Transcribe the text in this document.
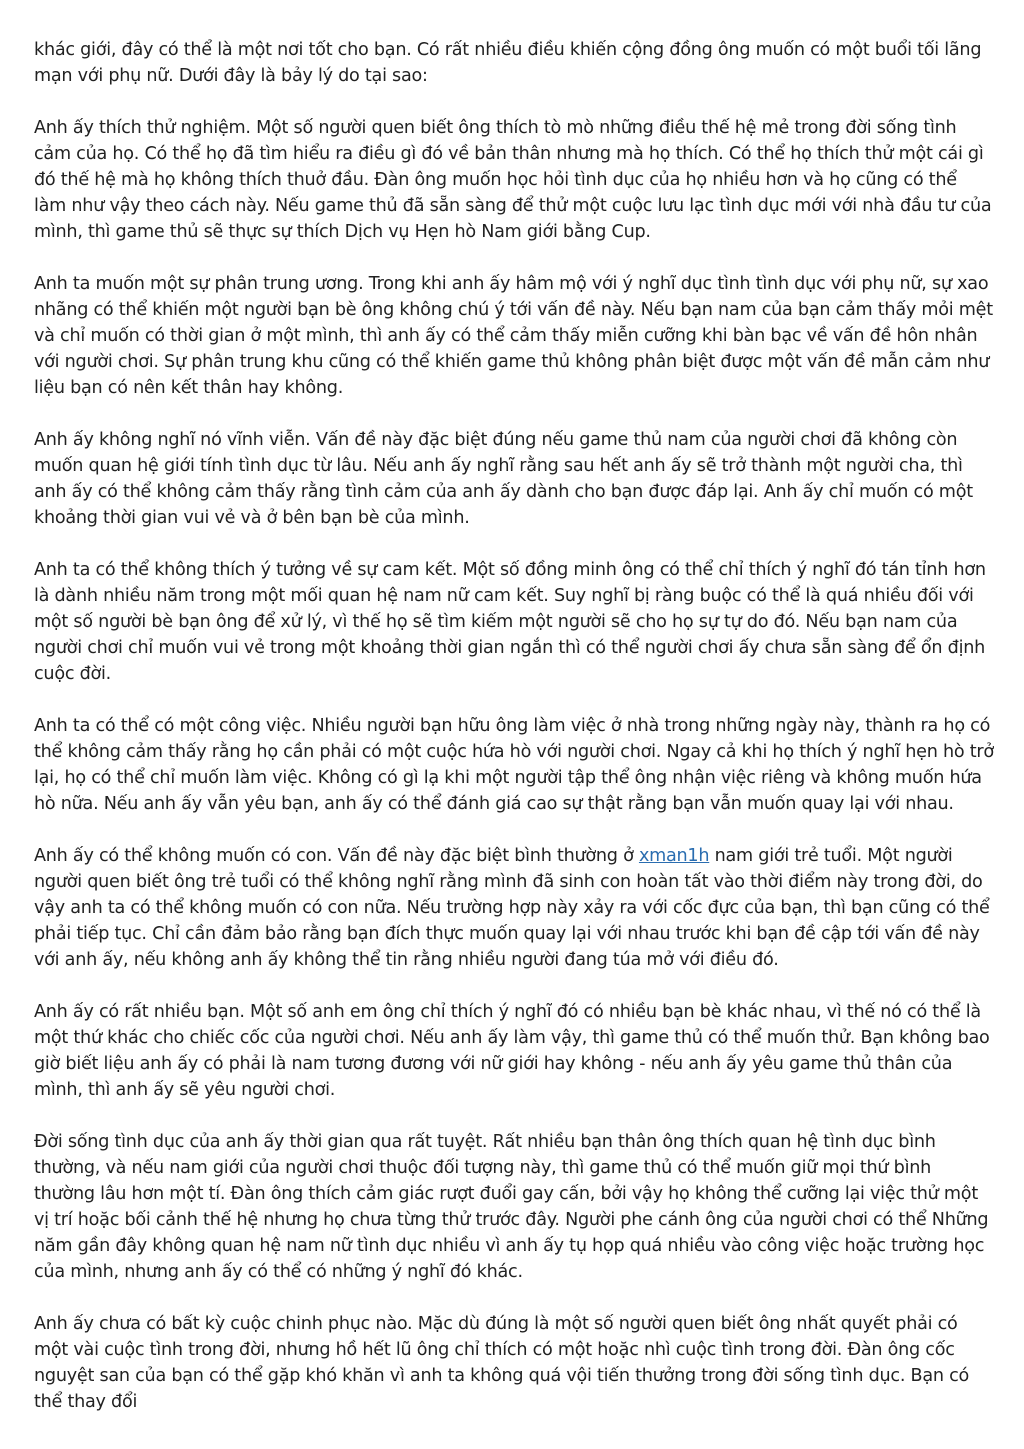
khác giới, đây có thể là một nơi tốt cho bạn. Có rất nhiều điều khiến cộng đồng ông muốn có một buổi tối lãng mạn với phụ nữ. Dưới đây là bảy lý do tại sao:

Anh ấy thích thử nghiệm. Một số người quen biết ông thích tò mò những điều thế hệ mẻ trong đời sống tình cảm của họ. Có thể họ đã tìm hiểu ra điều gì đó về bản thân nhưng mà họ thích. Có thể họ thích thử một cái gì đó thế hệ mà họ không thích thuở đầu. Đàn ông muốn học hỏi tình dục của họ nhiều hơn và họ cũng có thể làm như vậy theo cách này. Nếu game thủ đã sẵn sàng để thử một cuộc lưu lạc tình dục mới với nhà đầu tư của mình, thì game thủ sẽ thực sự thích Dịch vụ Hẹn hò Nam giới bằng Cup.

Anh ta muốn một sự phân trung ương. Trong khi anh ấy hâm mộ với ý nghĩ dục tình tình dục với phụ nữ, sự xao nhãng có thể khiến một người bạn bè ông không chú ý tới vấn đề này. Nếu bạn nam của bạn cảm thấy mỏi mệt và chỉ muốn có thời gian ở một mình, thì anh ấy có thể cảm thấy miễn cưỡng khi bàn bạc về vấn đề hôn nhân với người chơi. Sự phân trung khu cũng có thể khiến game thủ không phân biệt được một vấn đề mẫn cảm như liệu bạn có nên kết thân hay không.

Anh ấy không nghĩ nó vĩnh viễn. Vấn đề này đặc biệt đúng nếu game thủ nam của người chơi đã không còn muốn quan hệ giới tính tình dục từ lâu. Nếu anh ấy nghĩ rằng sau hết anh ấy sẽ trở thành một người cha, thì anh ấy có thể không cảm thấy rằng tình cảm của anh ấy dành cho bạn được đáp lại. Anh ấy chỉ muốn có một khoảng thời gian vui vẻ và ở bên bạn bè của mình.

Anh ta có thể không thích ý tưởng về sự cam kết. Một số đồng minh ông có thể chỉ thích ý nghĩ đó tán tỉnh hơn là dành nhiều năm trong một mối quan hệ nam nữ cam kết. Suy nghĩ bị ràng buộc có thể là quá nhiều đối với một số người bè bạn ông để xử lý, vì thế họ sẽ tìm kiếm một người sẽ cho họ sự tự do đó. Nếu bạn nam của người chơi chỉ muốn vui vẻ trong một khoảng thời gian ngắn thì có thể người chơi ấy chưa sẵn sàng để ổn định cuộc đời.

Anh ta có thể có một công việc. Nhiều người bạn hữu ông làm việc ở nhà trong những ngày này, thành ra họ có thể không cảm thấy rằng họ cần phải có một cuộc hứa hò với người chơi. Ngay cả khi họ thích ý nghĩ hẹn hò trở lại, họ có thể chỉ muốn làm việc. Không có gì lạ khi một người tập thể ông nhận việc riêng và không muốn hứa hò nữa. Nếu anh ấy vẫn yêu bạn, anh ấy có thể đánh giá cao sự thật rằng bạn vẫn muốn quay lại với nhau.

Anh ấy có thể không muốn có con. Vấn đề này đặc biệt bình thường ở xman1h nam giới trẻ tuổi. Một người người quen biết ông trẻ tuổi có thể không nghĩ rằng mình đã sinh con hoàn tất vào thời điểm này trong đời, do vậy anh ta có thể không muốn có con nữa. Nếu trường hợp này xảy ra với cốc đực của bạn, thì bạn cũng có thể phải tiếp tục. Chỉ cần đảm bảo rằng bạn đích thực muốn quay lại với nhau trước khi bạn đề cập tới vấn đề này với anh ấy, nếu không anh ấy không thể tin rằng nhiều người đang túa mở với điều đó.

Anh ấy có rất nhiều bạn. Một số anh em ông chỉ thích ý nghĩ đó có nhiều bạn bè khác nhau, vì thế nó có thể là một thứ khác cho chiếc cốc của người chơi. Nếu anh ấy làm vậy, thì game thủ có thể muốn thử. Bạn không bao giờ biết liệu anh ấy có phải là nam tương đương với nữ giới hay không - nếu anh ấy yêu game thủ thân của mình, thì anh ấy sẽ yêu người chơi.

Đời sống tình dục của anh ấy thời gian qua rất tuyệt. Rất nhiều bạn thân ông thích quan hệ tình dục bình thường, và nếu nam giới của người chơi thuộc đối tượng này, thì game thủ có thể muốn giữ mọi thứ bình thường lâu hơn một tí. Đàn ông thích cảm giác rượt đuổi gay cấn, bởi vậy họ không thể cưỡng lại việc thử một vị trí hoặc bối cảnh thế hệ nhưng họ chưa từng thử trước đây. Người phe cánh ông của người chơi có thể Những năm gần đây không quan hệ nam nữ tình dục nhiều vì anh ấy tụ họp quá nhiều vào công việc hoặc trường học của mình, nhưng anh ấy có thể có những ý nghĩ đó khác.

Anh ấy chưa có bất kỳ cuộc chinh phục nào. Mặc dù đúng là một số người quen biết ông nhất quyết phải có một vài cuộc tình trong đời, nhưng hồ hết lũ ông chỉ thích có một hoặc nhì cuộc tình trong đời. Đàn ông cốc nguyệt san của bạn có thể gặp khó khăn vì anh ta không quá vội tiến thưởng trong đời sống tình dục. Bạn có thể thay đổi
